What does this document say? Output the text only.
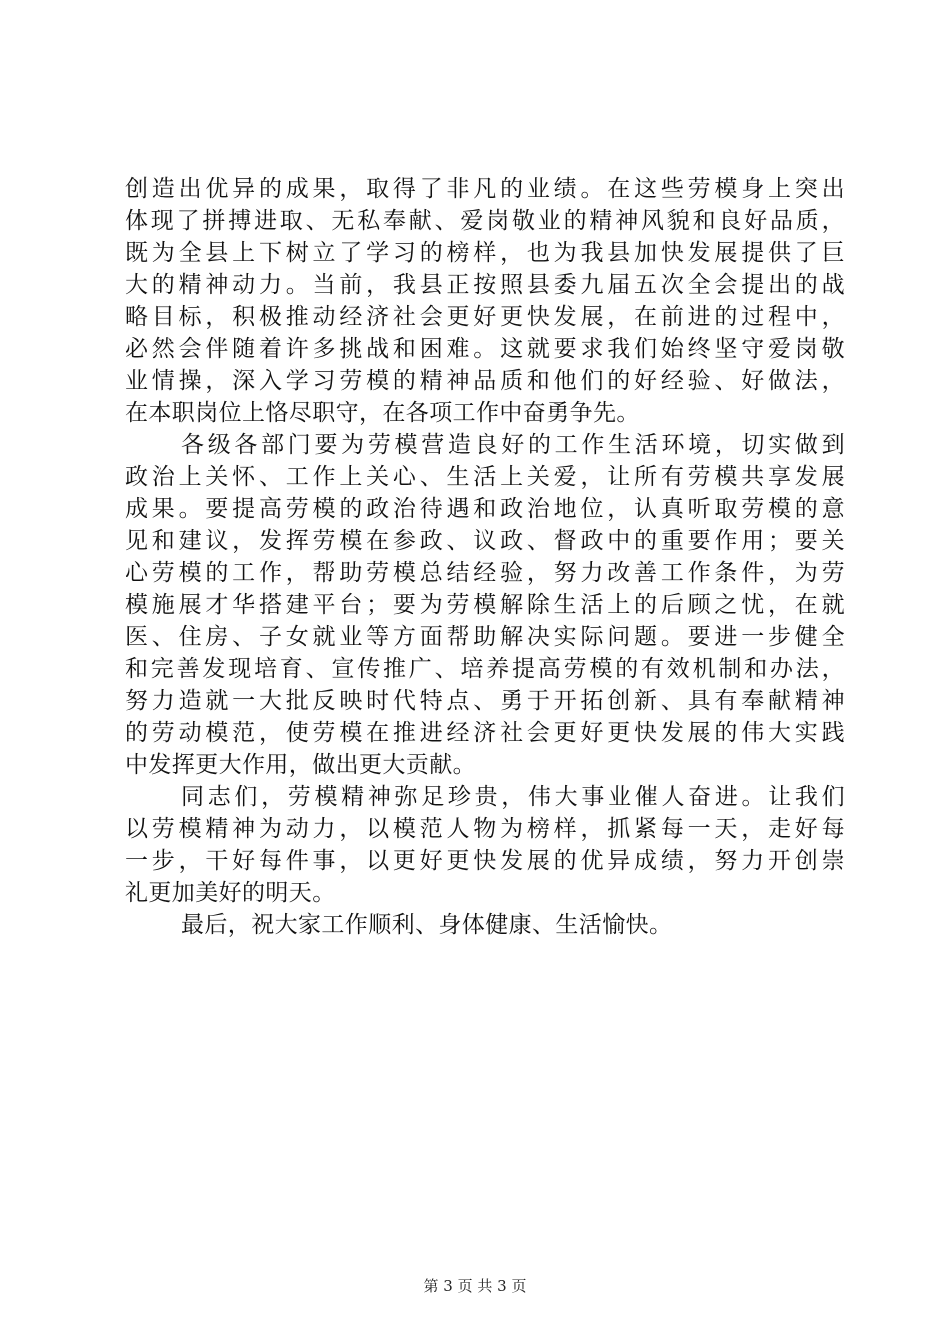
创造出优异的成果，取得了非凡的业绩。在这些劳模身上突出
体现了拼搏进取、无私奉献、爱岗敬业的精神风貌和良好品质，
既为全县上下树立了学习的榜样，也为我县加快发展提供了巨
大的精神动力。当前，我县正按照县委九届五次全会提出的战
略目标，积极推动经济社会更好更快发展，在前进的过程中，
必然会伴随着许多挑战和困难。这就要求我们始终坚守爱岗敬
业情操，深入学习劳模的精神品质和他们的好经验、好做法，
在本职岗位上恪尽职守，在各项工作中奋勇争先。
各级各部门要为劳模营造良好的工作生活环境，切实做到
政治上关怀、工作上关心、生活上关爱，让所有劳模共享发展
成果。要提高劳模的政治待遇和政治地位，认真听取劳模的意
见和建议，发挥劳模在参政、议政、督政中的重要作用；要关
心劳模的工作，帮助劳模总结经验，努力改善工作条件，为劳
模施展才华搭建平台；要为劳模解除生活上的后顾之忧，在就
医、住房、子女就业等方面帮助解决实际问题。要进一步健全
和完善发现培育、宣传推广、培养提高劳模的有效机制和办法，
努力造就一大批反映时代特点、勇于开拓创新、具有奉献精神
的劳动模范，使劳模在推进经济社会更好更快发展的伟大实践
中发挥更大作用，做出更大贡献。
同志们，劳模精神弥足珍贵，伟大事业催人奋进。让我们
以劳模精神为动力，以模范人物为榜样，抓紧每一天，走好每
一步，干好每件事，以更好更快发展的优异成绩，努力开创崇
礼更加美好的明天。
最后，祝大家工作顺利、身体健康、生活愉快。
第 3 页 共 3 页
